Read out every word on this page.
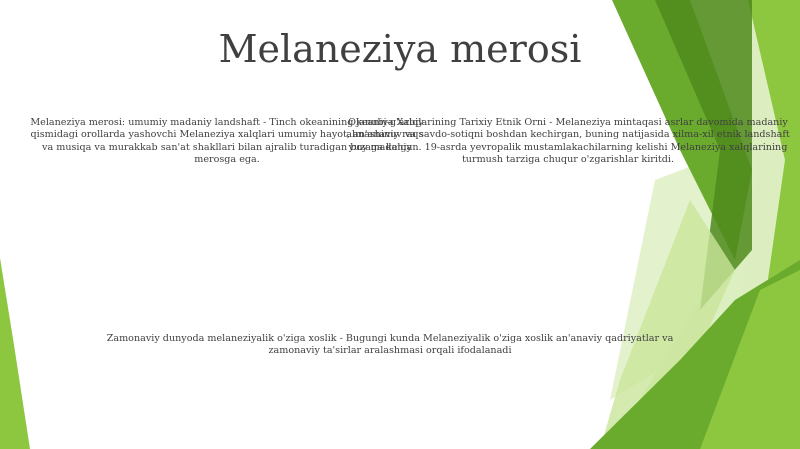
Melaneziya merosi

Melaneziya merosi: umumiy madaniy landshaft - Tinch okeanining janubi-g'arbiy qismidagi orollarda yashovchi Melaneziya xalqlari umumiy hayot, an'anaviy raqs va musiqa va murakkab san'at shakllari bilan ajralib turadigan boy madaniy merosga ega.

Okeaniya Xalqlarining Tarixiy Etnik Orni - Melaneziya mintaqasi asrlar davomida madaniy almashinuv va savdo-sotiqni boshdan kechirgan, buning natijasida xilma-xil etnik landshaft yuzaga kelgan. 19-asrda yevropalik mustamlakachilarning kelishi Melaneziya xalqlarining turmush tarziga chuqur o'zgarishlar kiritdi.

Zamonaviy dunyoda melaneziyalik o'ziga xoslik - Bugungi kunda Melaneziyalik o'ziga xoslik an'anaviy qadriyatlar va zamonaviy ta'sirlar aralashmasi orqali ifodalanadi
